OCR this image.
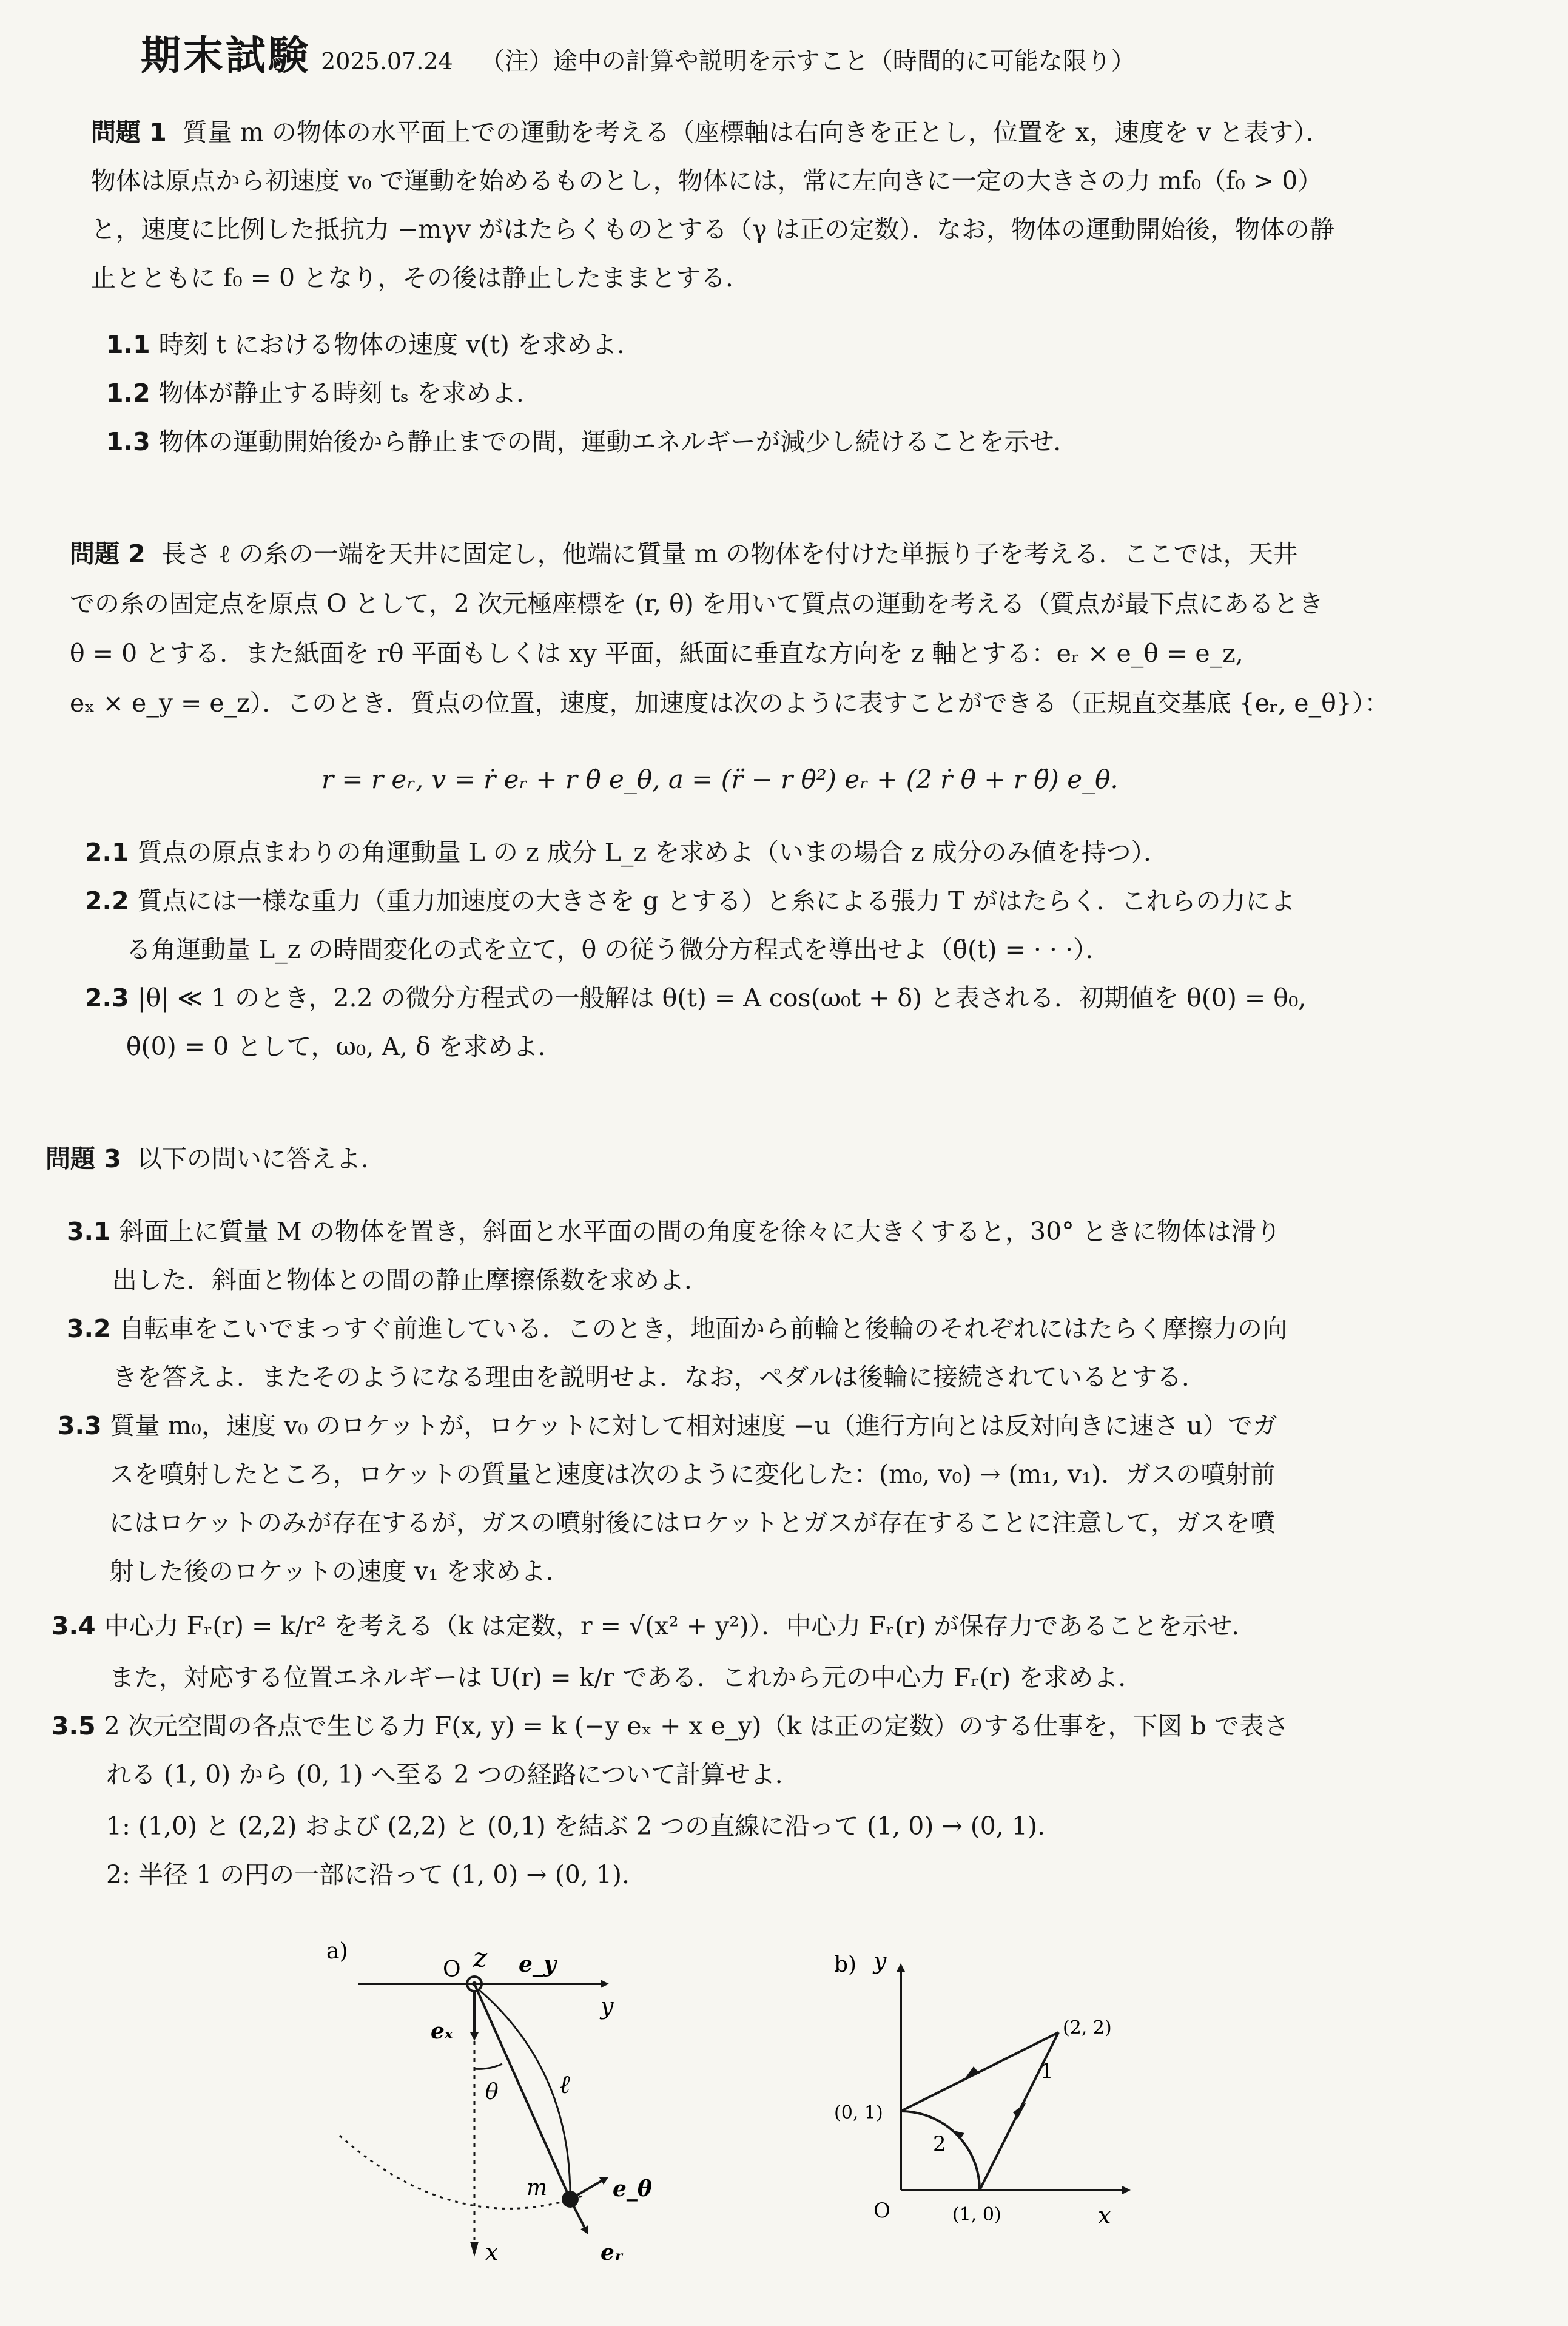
期末試験 2025.07.24 （注）途中の計算や説明を示すこと（時間的に可能な限り）
問題 1 質量 m の物体の水平面上での運動を考える（座標軸は右向きを正とし，位置を x，速度を v と表す）．
物体は原点から初速度 v₀ で運動を始めるものとし，物体には，常に左向きに一定の大きさの力 mf₀（f₀ > 0）
と，速度に比例した抵抗力 −mγv がはたらくものとする（γ は正の定数）．なお，物体の運動開始後，物体の静
止とともに f₀ = 0 となり，その後は静止したままとする．
1.1 時刻 t における物体の速度 v(t) を求めよ．
1.2 物体が静止する時刻 tₛ を求めよ．
1.3 物体の運動開始後から静止までの間，運動エネルギーが減少し続けることを示せ．
問題 2 長さ ℓ の糸の一端を天井に固定し，他端に質量 m の物体を付けた単振り子を考える．ここでは，天井
での糸の固定点を原点 O として，2 次元極座標を (r, θ) を用いて質点の運動を考える（質点が最下点にあるとき
θ = 0 とする．また紙面を rθ 平面もしくは xy 平面，紙面に垂直な方向を z 軸とする：eᵣ × e_θ = e_z,
eₓ × e_y = e_z）．このとき．質点の位置，速度，加速度は次のように表すことができる（正規直交基底 {eᵣ, e_θ}）：
r = r eᵣ, v = ṙ eᵣ + r θ̇ e_θ, a = (r̈ − r θ̇²) eᵣ + (2 ṙ θ̇ + r θ̈) e_θ.
2.1 質点の原点まわりの角運動量 L の z 成分 L_z を求めよ（いまの場合 z 成分のみ値を持つ）．
2.2 質点には一様な重力（重力加速度の大きさを g とする）と糸による張力 T がはたらく．これらの力によ
る角運動量 L_z の時間変化の式を立て，θ の従う微分方程式を導出せよ（θ̈(t) = · · ·）．
2.3 |θ| ≪ 1 のとき，2.2 の微分方程式の一般解は θ(t) = A cos(ω₀t + δ) と表される．初期値を θ(0) = θ₀,
θ̇(0) = 0 として，ω₀, A, δ を求めよ．
問題 3 以下の問いに答えよ．
3.1 斜面上に質量 M の物体を置き，斜面と水平面の間の角度を徐々に大きくすると，30° ときに物体は滑り
出した．斜面と物体との間の静止摩擦係数を求めよ．
3.2 自転車をこいでまっすぐ前進している．このとき，地面から前輪と後輪のそれぞれにはたらく摩擦力の向
きを答えよ．またそのようになる理由を説明せよ．なお，ペダルは後輪に接続されているとする．
3.3 質量 m₀，速度 v₀ のロケットが，ロケットに対して相対速度 −u（進行方向とは反対向きに速さ u）でガ
スを噴射したところ，ロケットの質量と速度は次のように変化した：(m₀, v₀) → (m₁, v₁)．ガスの噴射前
にはロケットのみが存在するが，ガスの噴射後にはロケットとガスが存在することに注意して，ガスを噴
射した後のロケットの速度 v₁ を求めよ．
3.4 中心力 Fᵣ(r) = k/r² を考える（k は定数，r = √(x² + y²)）．中心力 Fᵣ(r) が保存力であることを示せ．
また，対応する位置エネルギーは U(r) = k/r である．これから元の中心力 Fᵣ(r) を求めよ．
3.5 2 次元空間の各点で生じる力 F(x, y) = k (−y eₓ + x e_y)（k は正の定数）のする仕事を，下図 b で表さ
れる (1, 0) から (0, 1) へ至る 2 つの経路について計算せよ．
1: (1,0) と (2,2) および (2,2) と (0,1) を結ぶ 2 つの直線に沿って (1, 0) → (0, 1).
2: 半径 1 の円の一部に沿って (1, 0) → (0, 1).
a)
O z e_y
y
eₓ
x
ℓ
θ
m	e_θ
eᵣ
b) y
x
O
(2, 2)
(0, 1)
(1, 0)
1
2
